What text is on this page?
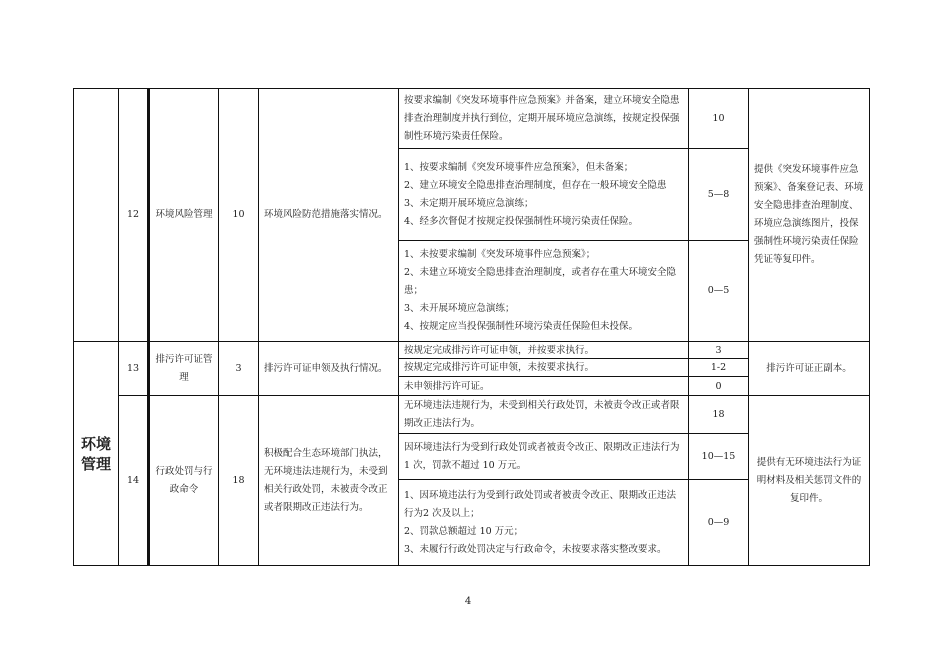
	12	环境风险管理	10	环境风险防范措施落实情况。	按要求编制《突发环境事件应急预案》并备案，建立环境安全隐患排查治理制度并执行到位，定期开展环境应急演练，按规定投保强制性环境污染责任保险。	10	提供《突发环境事件应急预案》、备案登记表、环境安全隐患排查治理制度、环境应急演练图片，投保强制性环境污染责任保险凭证等复印件。

					1、按要求编制《突发环境事件应急预案》，但未备案；
2、建立环境安全隐患排查治理制度，但存在一般环境安全隐患
3、未定期开展环境应急演练；
4、经多次督促才按规定投保强制性环境污染责任保险。	5—8	

					1、未按要求编制《突发环境事件应急预案》；
2、未建立环境安全隐患排查治理制度，或者存在重大环境安全隐患；
3、未开展环境应急演练；
4、按规定应当投保强制性环境污染责任保险但未投保。	0—5	
环境管理	13	排污许可证管理	3	排污许可证申领及执行情况。	按规定完成排污许可证申领，并按要求执行。	3	排污许可证正副本。
					按规定完成排污许可证申领，未按要求执行。	1-2	
					未申领排污许可证。	0	
	14	行政处罚与行政命令	18	积极配合生态环境部门执法，无环境违法违规行为，未受到相关行政处罚，未被责令改正或者限期改正违法行为。	无环境违法违规行为，未受到相关行政处罚，未被责令改正或者限期改正违法行为。	18	提供有无环境违法行为证明材料及相关惩罚文件的复印件。
					因环境违法行为受到行政处罚或者被责令改正、限期改正违法行为1 次，罚款不超过 10 万元。	10—15	

					1、因环境违法行为受到行政处罚或者被责令改正、限期改正违法行为2 次及以上；
2、罚款总额超过 10 万元；
3、未履行行政处罚决定与行政命令，未按要求落实整改要求。	0—9	
4
